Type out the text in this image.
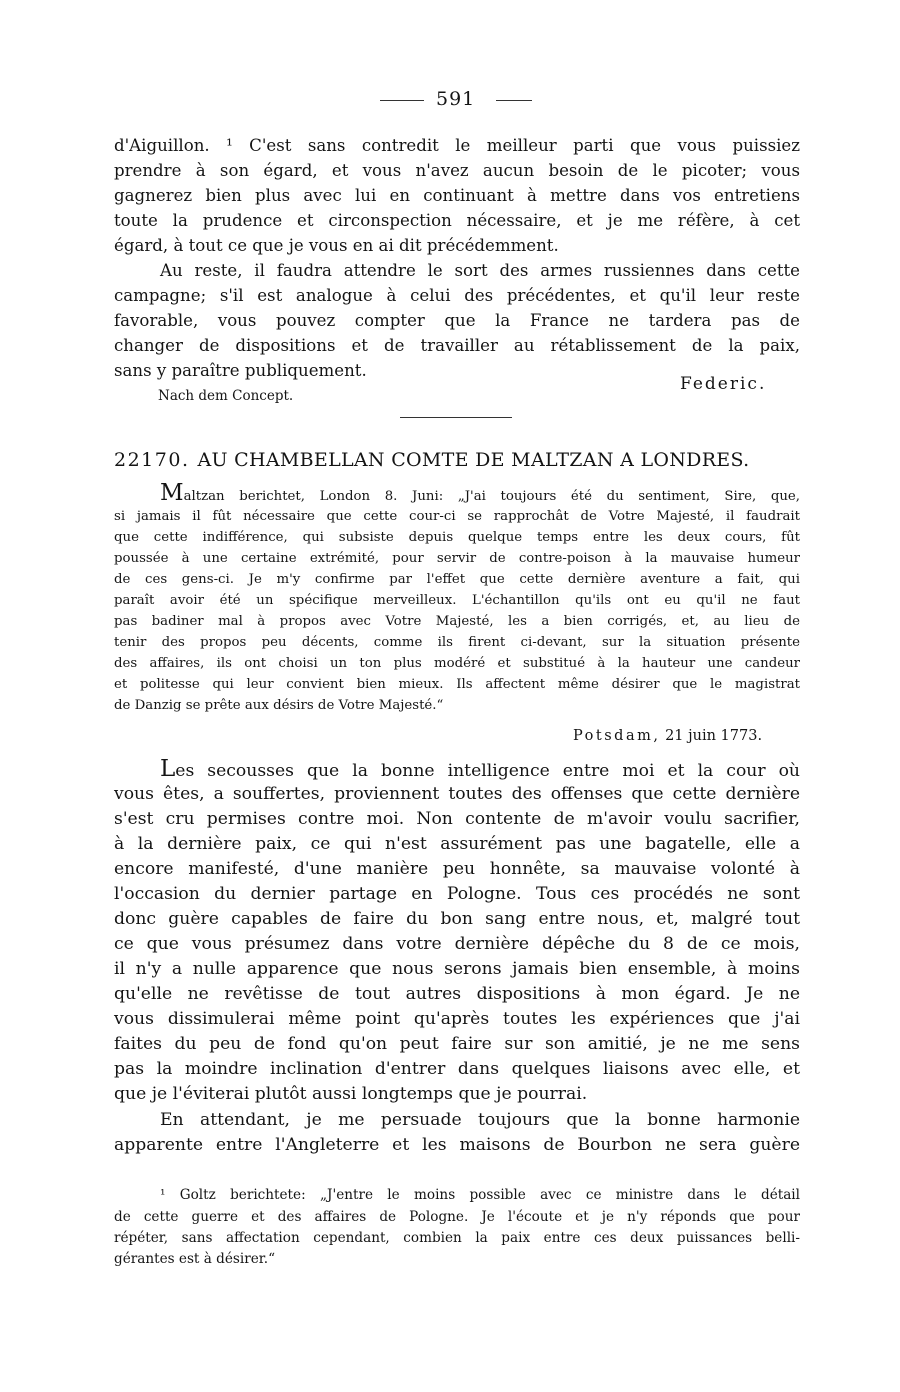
591
d'Aiguillon. ¹ C'est sans contredit le meilleur parti que vous puissiez
prendre à son égard, et vous n'avez aucun besoin de le picoter; vous
gagnerez bien plus avec lui en continuant à mettre dans vos entretiens
toute la prudence et circonspection nécessaire, et je me réfère, à cet
égard, à tout ce que je vous en ai dit précédemment.
Au reste, il faudra attendre le sort des armes russiennes dans cette
campagne; s'il est analogue à celui des précédentes, et qu'il leur reste
favorable, vous pouvez compter que la France ne tardera pas de
changer de dispositions et de travailler au rétablissement de la paix,
sans y paraître publiquement.
Federic.
Nach dem Concept.
22170. AU CHAMBELLAN COMTE DE MALTZAN A LONDRES.
Maltzan berichtet, London 8. Juni: „J'ai toujours été du sentiment, Sire, que,
si jamais il fût nécessaire que cette cour-ci se rapprochât de Votre Majesté, il faudrait
que cette indifférence, qui subsiste depuis quelque temps entre les deux cours, fût
poussée à une certaine extrémité, pour servir de contre-poison à la mauvaise humeur
de ces gens-ci. Je m'y confirme par l'effet que cette dernière aventure a fait, qui
paraît avoir été un spécifique merveilleux. L'échantillon qu'ils ont eu qu'il ne faut
pas badiner mal à propos avec Votre Majesté, les a bien corrigés, et, au lieu de
tenir des propos peu décents, comme ils firent ci-devant, sur la situation présente
des affaires, ils ont choisi un ton plus modéré et substitué à la hauteur une candeur
et politesse qui leur convient bien mieux. Ils affectent même désirer que le magistrat
de Danzig se prête aux désirs de Votre Majesté.“
Potsdam, 21 juin 1773.
Les secousses que la bonne intelligence entre moi et la cour où
vous êtes, a souffertes, proviennent toutes des offenses que cette dernière
s'est cru permises contre moi. Non contente de m'avoir voulu sacrifier,
à la dernière paix, ce qui n'est assurément pas une bagatelle, elle a
encore manifesté, d'une manière peu honnête, sa mauvaise volonté à
l'occasion du dernier partage en Pologne. Tous ces procédés ne sont
donc guère capables de faire du bon sang entre nous, et, malgré tout
ce que vous présumez dans votre dernière dépêche du 8 de ce mois,
il n'y a nulle apparence que nous serons jamais bien ensemble, à moins
qu'elle ne revêtisse de tout autres dispositions à mon égard. Je ne
vous dissimulerai même point qu'après toutes les expériences que j'ai
faites du peu de fond qu'on peut faire sur son amitié, je ne me sens
pas la moindre inclination d'entrer dans quelques liaisons avec elle, et
que je l'éviterai plutôt aussi longtemps que je pourrai.
En attendant, je me persuade toujours que la bonne harmonie
apparente entre l'Angleterre et les maisons de Bourbon ne sera guère
¹ Goltz berichtete: „J'entre le moins possible avec ce ministre dans le détail
de cette guerre et des affaires de Pologne. Je l'écoute et je n'y réponds que pour
répéter, sans affectation cependant, combien la paix entre ces deux puissances belli-
gérantes est à désirer.“
